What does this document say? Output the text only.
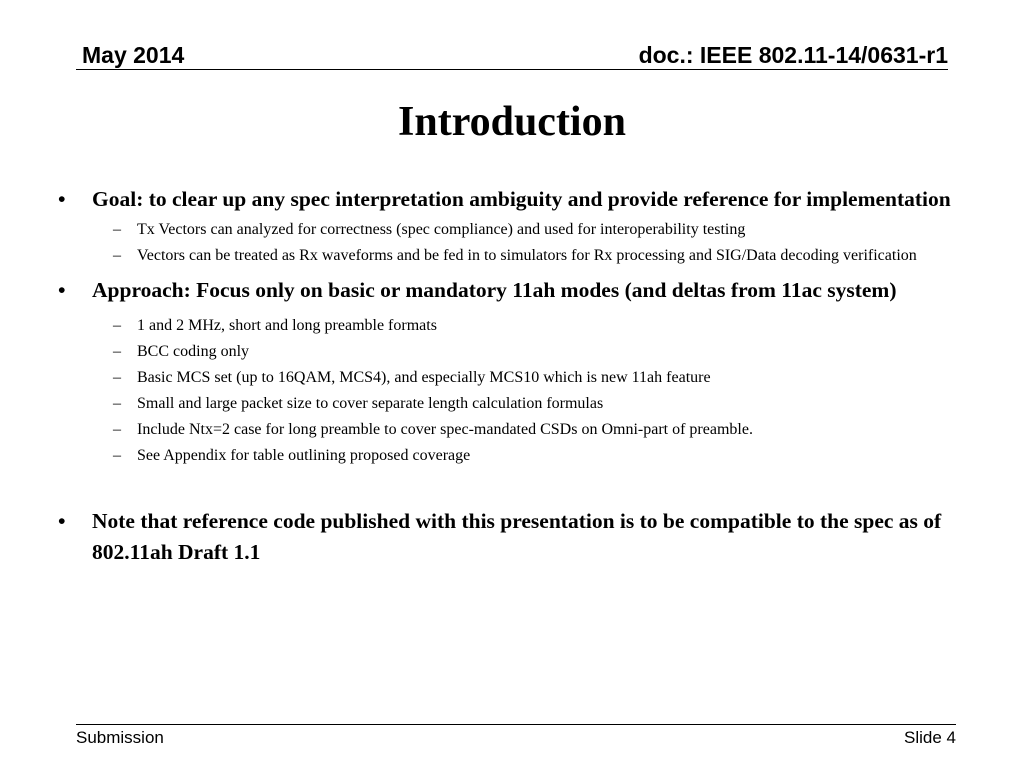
May 2014	doc.: IEEE 802.11-14/0631-r1
Introduction
• Goal: to clear up any spec interpretation ambiguity and provide reference for implementation
– Tx Vectors can analyzed for correctness (spec compliance) and used for interoperability testing
– Vectors can be treated as Rx waveforms and be fed in to simulators for Rx processing and SIG/Data decoding verification
• Approach: Focus only on basic or mandatory 11ah modes (and deltas from 11ac system)
– 1 and 2 MHz, short and long preamble formats
– BCC coding only
– Basic MCS set (up to 16QAM, MCS4), and especially MCS10 which is new 11ah feature
– Small and large packet size to cover separate length calculation formulas
– Include Ntx=2 case for long preamble to cover spec-mandated CSDs on Omni-part of preamble.
– See Appendix for table outlining proposed coverage
• Note that reference code published with this presentation is to be compatible to the spec as of 802.11ah Draft 1.1
Submission	Slide 4
